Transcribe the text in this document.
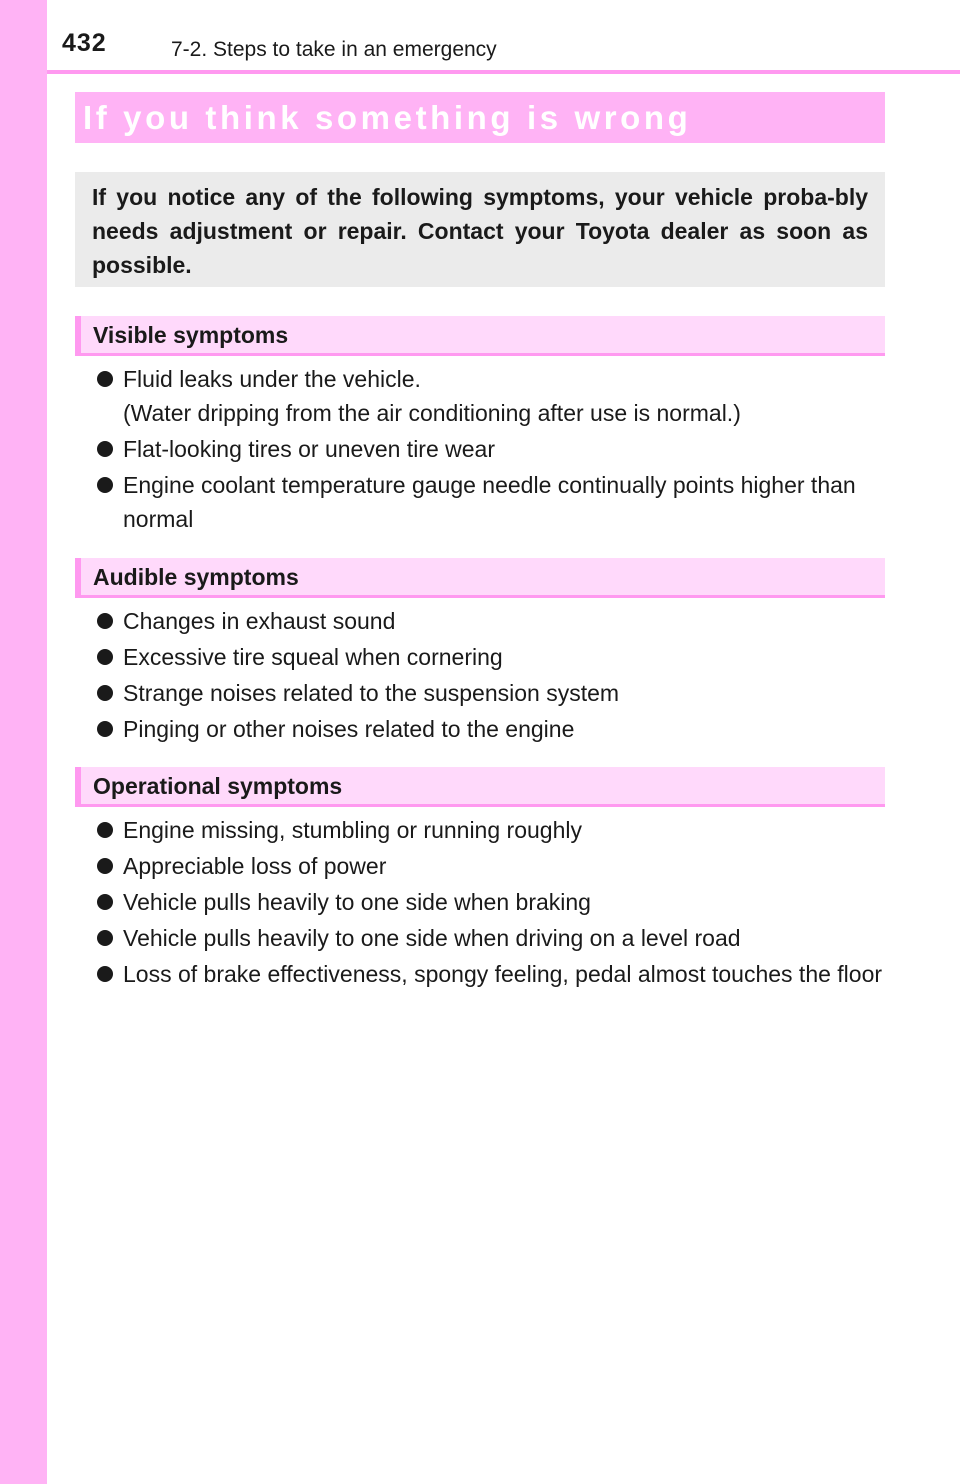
432	7-2. Steps to take in an emergency
If you think something is wrong

If you notice any of the following symptoms, your vehicle proba-bly needs adjustment or repair. Contact your Toyota dealer as soon as possible.

Visible symptoms
Fluid leaks under the vehicle.
(Water dripping from the air conditioning after use is normal.)
Flat-looking tires or uneven tire wear
Engine coolant temperature gauge needle continually points higher than normal
Audible symptoms
Changes in exhaust sound
Excessive tire squeal when cornering
Strange noises related to the suspension system
Pinging or other noises related to the engine
Operational symptoms
Engine missing, stumbling or running roughly
Appreciable loss of power
Vehicle pulls heavily to one side when braking
Vehicle pulls heavily to one side when driving on a level road
Loss of brake effectiveness, spongy feeling, pedal almost touches the floor
